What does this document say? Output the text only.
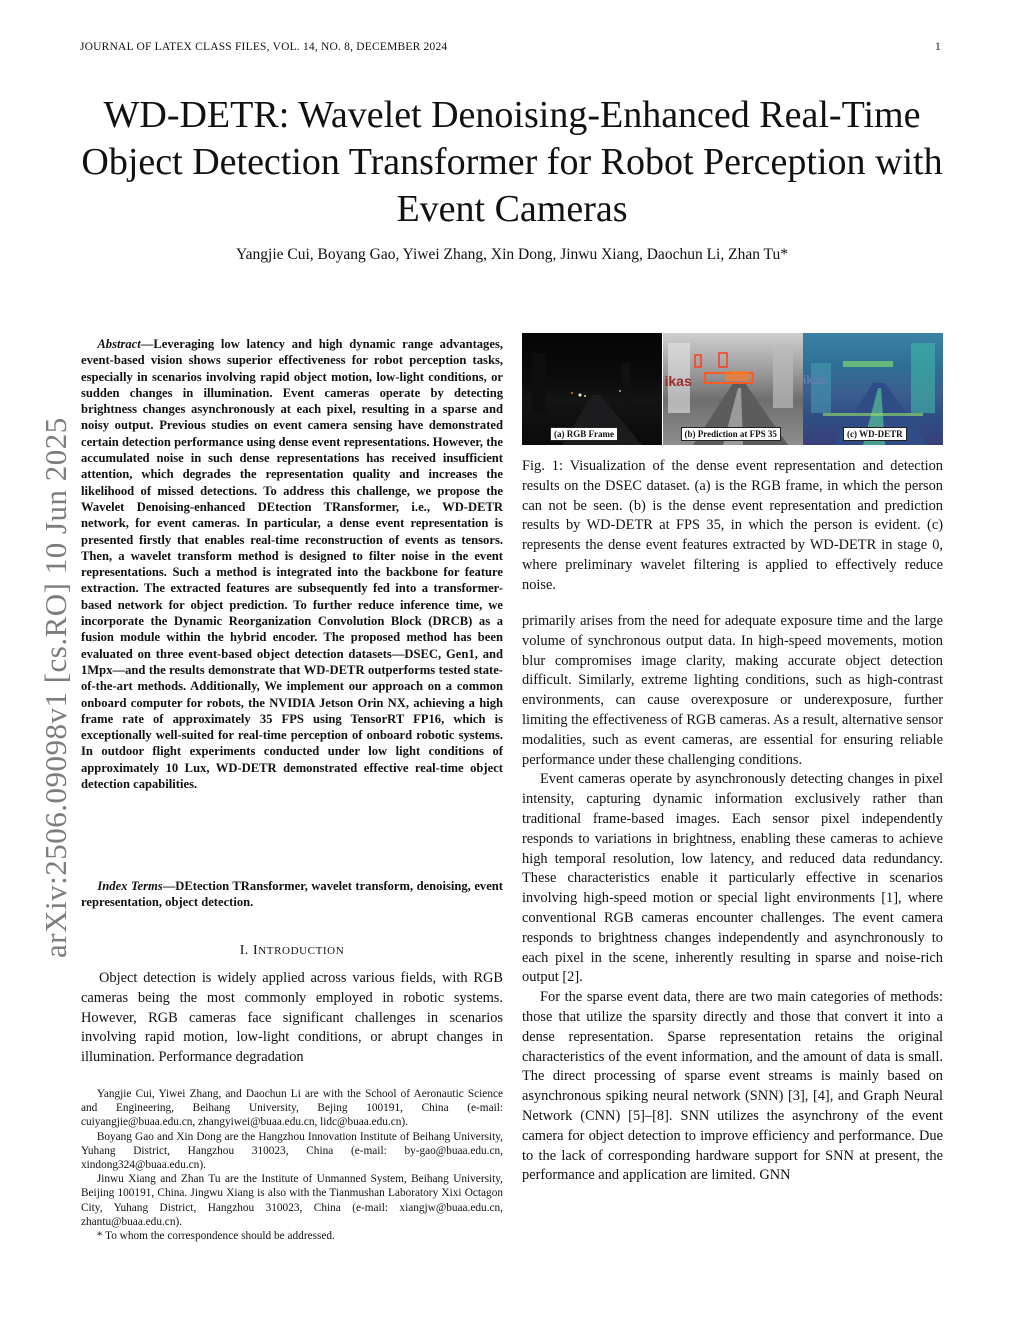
JOURNAL OF LATEX CLASS FILES, VOL. 14, NO. 8, DECEMBER 2024	1
arXiv:2506.09098v1 [cs.RO] 10 Jun 2025
WD-DETR: Wavelet Denoising-Enhanced Real-Time Object Detection Transformer for Robot Perception with Event Cameras
Yangjie Cui, Boyang Gao, Yiwei Zhang, Xin Dong, Jinwu Xiang, Daochun Li, Zhan Tu*

Abstract—Leveraging low latency and high dynamic range advantages, event-based vision shows superior effectiveness for robot perception tasks, especially in scenarios involving rapid object motion, low-light conditions, or sudden changes in illumination. Event cameras operate by detecting brightness changes asynchronously at each pixel, resulting in a sparse and noisy output. Previous studies on event camera sensing have demonstrated certain detection performance using dense event representations. However, the accumulated noise in such dense representations has received insufficient attention, which degrades the representation quality and increases the likelihood of missed detections. To address this challenge, we propose the Wavelet Denoising-enhanced DEtection TRansformer, i.e., WD-DETR network, for event cameras. In particular, a dense event representation is presented firstly that enables real-time reconstruction of events as tensors. Then, a wavelet transform method is designed to filter noise in the event representations. Such a method is integrated into the backbone for feature extraction. The extracted features are subsequently fed into a transformer-based network for object prediction. To further reduce inference time, we incorporate the Dynamic Reorganization Convolution Block (DRCB) as a fusion module within the hybrid encoder. The proposed method has been evaluated on three event-based object detection datasets—DSEC, Gen1, and 1Mpx—and the results demonstrate that WD-DETR outperforms tested state-of-the-art methods. Additionally, We implement our approach on a common onboard computer for robots, the NVIDIA Jetson Orin NX, achieving a high frame rate of approximately 35 FPS using TensorRT FP16, which is exceptionally well-suited for real-time perception of onboard robotic systems. In outdoor flight experiments conducted under low light conditions of approximately 10 Lux, WD-DETR demonstrated effective real-time object detection capabilities.

Index Terms—DEtection TRansformer, wavelet transform, denoising, event representation, object detection.

I. INTRODUCTION

Object detection is widely applied across various fields, with RGB cameras being the most commonly employed in robotic systems. However, RGB cameras face significant challenges in scenarios involving rapid motion, low-light conditions, or abrupt changes in illumination. Performance degradation

Yangjie Cui, Yiwei Zhang, and Daochun Li are with the School of Aeronautic Science and Engineering, Beihang University, Bejing 100191, China (e-mail: cuiyangjie@buaa.edu.cn, zhangyiwei@buaa.edu.cn, lidc@buaa.edu.cn).

Boyang Gao and Xin Dong are the Hangzhou Innovation Institute of Beihang University, Yuhang District, Hangzhou 310023, China (e-mail: by-gao@buaa.edu.cn, xindong324@buaa.edu.cn).

Jinwu Xiang and Zhan Tu are the Institute of Unmanned System, Beihang University, Beijing 100191, China. Jingwu Xiang is also with the Tianmushan Laboratory Xixi Octagon City, Yuhang District, Hangzhou 310023, China (e-mail: xiangjw@buaa.edu.cn, zhantu@buaa.edu.cn).

* To whom the correspondence should be addressed.

(a) RGB Frame
ikas
(b) Prediction at FPS 35
ikas
(c) WD-DETR
Fig. 1: Visualization of the dense event representation and detection results on the DSEC dataset. (a) is the RGB frame, in which the person can not be seen. (b) is the dense event representation and prediction results by WD-DETR at FPS 35, in which the person is evident. (c) represents the dense event features extracted by WD-DETR in stage 0, where preliminary wavelet filtering is applied to effectively reduce noise.

primarily arises from the need for adequate exposure time and the large volume of synchronous output data. In high-speed movements, motion blur compromises image clarity, making accurate object detection difficult. Similarly, extreme lighting conditions, such as high-contrast environments, can cause overexposure or underexposure, further limiting the effectiveness of RGB cameras. As a result, alternative sensor modalities, such as event cameras, are essential for ensuring reliable performance under these challenging conditions.

Event cameras operate by asynchronously detecting changes in pixel intensity, capturing dynamic information exclusively rather than traditional frame-based images. Each sensor pixel independently responds to variations in brightness, enabling these cameras to achieve high temporal resolution, low latency, and reduced data redundancy. These characteristics enable it particularly effective in scenarios involving high-speed motion or special light environments [1], where conventional RGB cameras encounter challenges. The event camera responds to brightness changes independently and asynchronously to each pixel in the scene, inherently resulting in sparse and noise-rich output [2].

For the sparse event data, there are two main categories of methods: those that utilize the sparsity directly and those that convert it into a dense representation. Sparse representation retains the original characteristics of the event information, and the amount of data is small. The direct processing of sparse event streams is mainly based on asynchronous spiking neural network (SNN) [3], [4], and Graph Neural Network (CNN) [5]–[8]. SNN utilizes the asynchrony of the event camera for object detection to improve efficiency and performance. Due to the lack of corresponding hardware support for SNN at present, the performance and application are limited. GNN
